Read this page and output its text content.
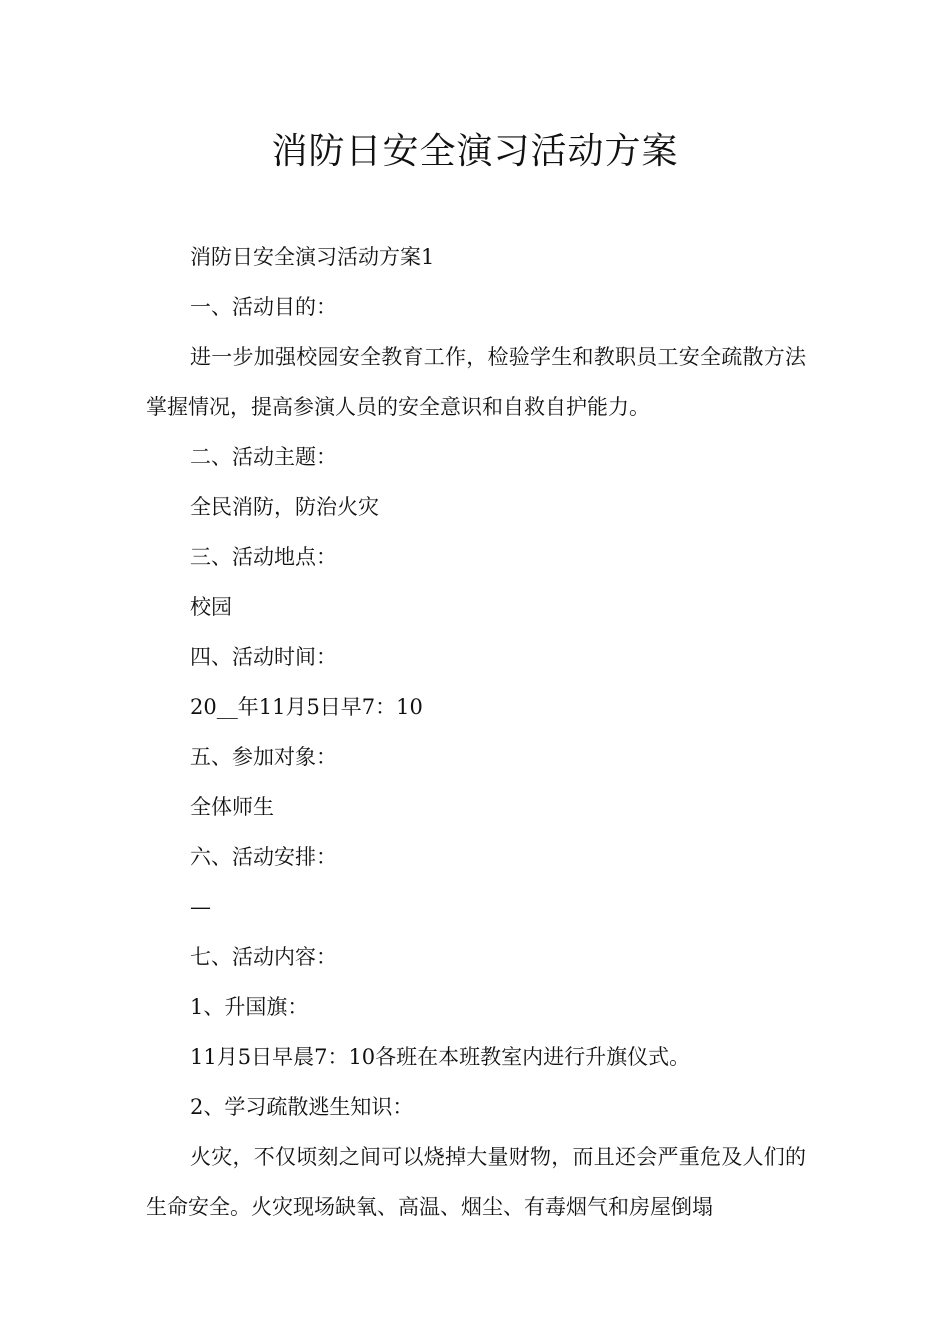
消防日安全演习活动方案

消防日安全演习活动方案1

一、活动目的：

进一步加强校园安全教育工作，检验学生和教职员工安全疏散方法掌握情况，提高参演人员的安全意识和自救自护能力。

二、活动主题：

全民消防，防治火灾

三、活动地点：

校园

四、活动时间：

20__年11月5日早7：10

五、参加对象：

全体师生

六、活动安排：

—

七、活动内容：

1、升国旗：

11月5日早晨7：10各班在本班教室内进行升旗仪式。

2、学习疏散逃生知识：

火灾，不仅顷刻之间可以烧掉大量财物，而且还会严重危及人们的生命安全。火灾现场缺氧、高温、烟尘、有毒烟气和房屋倒塌
